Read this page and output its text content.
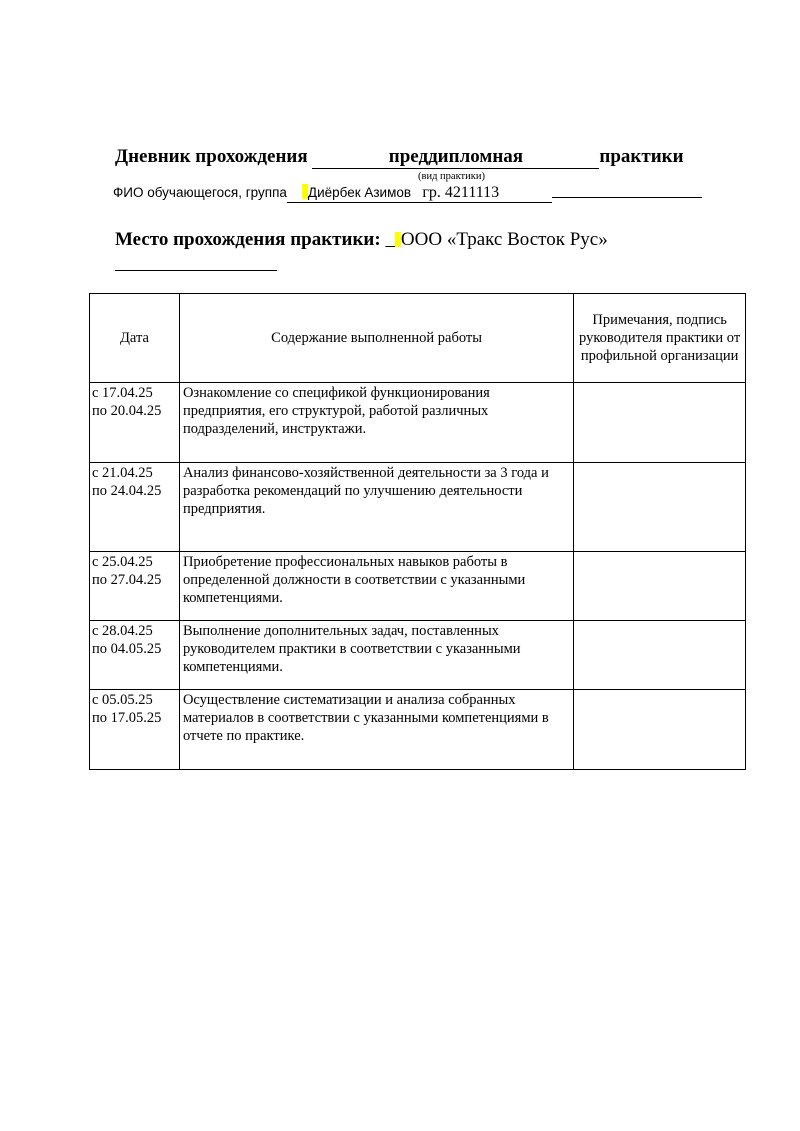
Дневник прохождения	преддипломная	практики
(вид практики)
ФИО обучающегося, группа Диёрбек Азимов гр. 4211113
Место прохождения практики: ООО «Тракс Восток Рус»
Дата	Содержание выполненной работы	Примечания, подпись руководителя практики от профильной организации

с 17.04.25
по 20.04.25	Ознакомление со спецификой функционирования предприятия, его структурой, работой различных подразделений, инструктажи.	

с 21.04.25
по 24.04.25	Анализ финансово-хозяйственной деятельности за 3 года и разработка рекомендаций по улучшению деятельности предприятия.	

с 25.04.25
по 27.04.25	Приобретение профессиональных навыков работы в определенной должности в соответствии с указанными компетенциями.	

с 28.04.25
по 04.05.25	Выполнение дополнительных задач, поставленных руководителем практики в соответствии с указанными компетенциями.	

с 05.05.25
по 17.05.25	Осуществление систематизации и анализа собранных материалов в соответствии с указанными компетенциями в отчете по практике.	
